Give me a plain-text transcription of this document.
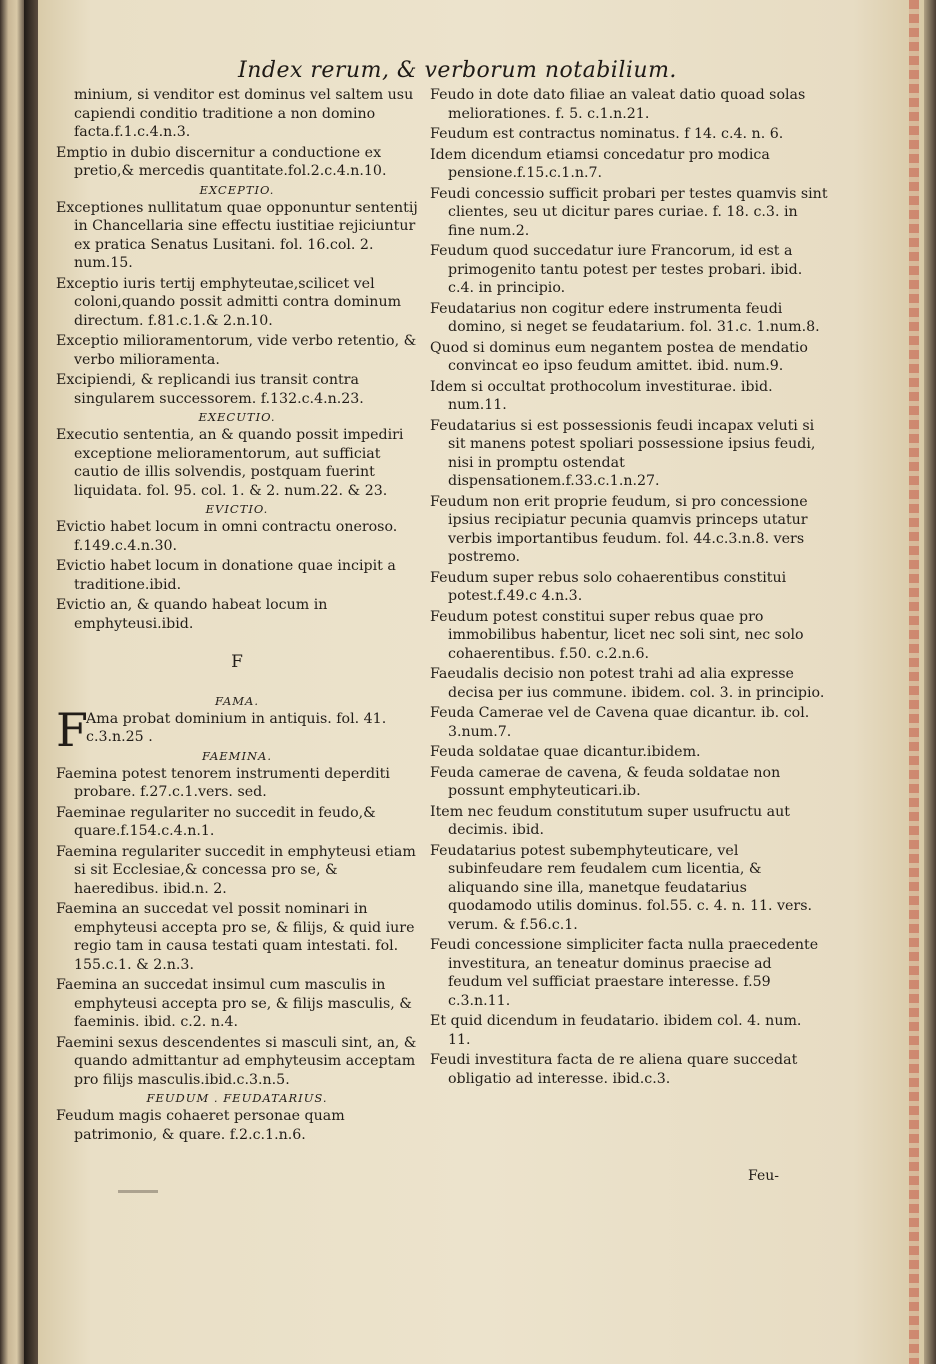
Index rerum, & verborum notabilium.
minium, si venditor est dominus vel saltem usu capiendi conditio traditione a non domino facta.f.1.c.4.n.3.
Emptio in dubio discernitur a conductione ex pretio,& mercedis quantitate.fol.2.c.4.n.10.
EXCEPTIO.
Exceptiones nullitatum quae opponuntur sententij in Chancellaria sine effectu iustitiae rejiciuntur ex pratica Senatus Lusitani. fol. 16.col. 2. num.15.
Exceptio iuris tertij emphyteutae,scilicet vel coloni,quando possit admitti contra dominum directum. f.81.c.1.& 2.n.10.
Exceptio milioramentorum, vide verbo retentio, & verbo milioramenta.
Excipiendi, & replicandi ius transit contra singularem successorem. f.132.c.4.n.23.
EXECUTIO.
Executio sententia, an & quando possit impediri exceptione melioramentorum, aut sufficiat cautio de illis solvendis, postquam fuerint liquidata. fol. 95. col. 1. & 2. num.22. & 23.
EVICTIO.
Evictio habet locum in omni contractu oneroso. f.149.c.4.n.30.
Evictio habet locum in donatione quae incipit a traditione.ibid.
Evictio an, & quando habeat locum in emphyteusi.ibid.
F
FAMA.
F
Ama probat dominium in antiquis. fol. 41. c.3.n.25 .
FAEMINA.
Faemina potest tenorem instrumenti deperditi probare. f.27.c.1.vers. sed.
Faeminae regulariter no succedit in feudo,& quare.f.154.c.4.n.1.
Faemina regulariter succedit in emphyteusi etiam si sit Ecclesiae,& concessa pro se, & haeredibus. ibid.n. 2.
Faemina an succedat vel possit nominari in emphyteusi accepta pro se, & filijs, & quid iure regio tam in causa testati quam intestati. fol. 155.c.1. & 2.n.3.
Faemina an succedat insimul cum masculis in emphyteusi accepta pro se, & filijs masculis, & faeminis. ibid. c.2. n.4.
Faemini sexus descendentes si masculi sint, an, & quando admittantur ad emphyteusim acceptam pro filijs masculis.ibid.c.3.n.5.
FEUDUM . FEUDATARIUS.
Feudum magis cohaeret personae quam patrimonio, & quare. f.2.c.1.n.6.
Feudo in dote dato filiae an valeat datio quoad solas meliorationes. f. 5. c.1.n.21.
Feudum est contractus nominatus. f 14. c.4. n. 6.
Idem dicendum etiamsi concedatur pro modica pensione.f.15.c.1.n.7.
Feudi concessio sufficit probari per testes quamvis sint clientes, seu ut dicitur pares curiae. f. 18. c.3. in fine num.2.
Feudum quod succedatur iure Francorum, id est a primogenito tantu potest per testes probari. ibid. c.4. in principio.
Feudatarius non cogitur edere instrumenta feudi domino, si neget se feudatarium. fol. 31.c. 1.num.8.
Quod si dominus eum negantem postea de mendatio convincat eo ipso feudum amittet. ibid. num.9.
Idem si occultat prothocolum investiturae. ibid. num.11.
Feudatarius si est possessionis feudi incapax veluti si sit manens potest spoliari possessione ipsius feudi, nisi in promptu ostendat dispensationem.f.33.c.1.n.27.
Feudum non erit proprie feudum, si pro concessione ipsius recipiatur pecunia quamvis princeps utatur verbis importantibus feudum. fol. 44.c.3.n.8. vers postremo.
Feudum super rebus solo cohaerentibus constitui potest.f.49.c 4.n.3.
Feudum potest constitui super rebus quae pro immobilibus habentur, licet nec soli sint, nec solo cohaerentibus. f.50. c.2.n.6.
Faeudalis decisio non potest trahi ad alia expresse decisa per ius commune. ibidem. col. 3. in principio.
Feuda Camerae vel de Cavena quae dicantur. ib. col. 3.num.7.
Feuda soldatae quae dicantur.ibidem.
Feuda camerae de cavena, & feuda soldatae non possunt emphyteuticari.ib.
Item nec feudum constitutum super usufructu aut decimis. ibid.
Feudatarius potest subemphyteuticare, vel subinfeudare rem feudalem cum licentia, & aliquando sine illa, manetque feudatarius quodamodo utilis dominus. fol.55. c. 4. n. 11. vers. verum. & f.56.c.1.
Feudi concessione simpliciter facta nulla praecedente investitura, an teneatur dominus praecise ad feudum vel sufficiat praestare interesse. f.59 c.3.n.11.
Et quid dicendum in feudatario. ibidem col. 4. num. 11.
Feudi investitura facta de re aliena quare succedat obligatio ad interesse. ibid.c.3.
Feu-
